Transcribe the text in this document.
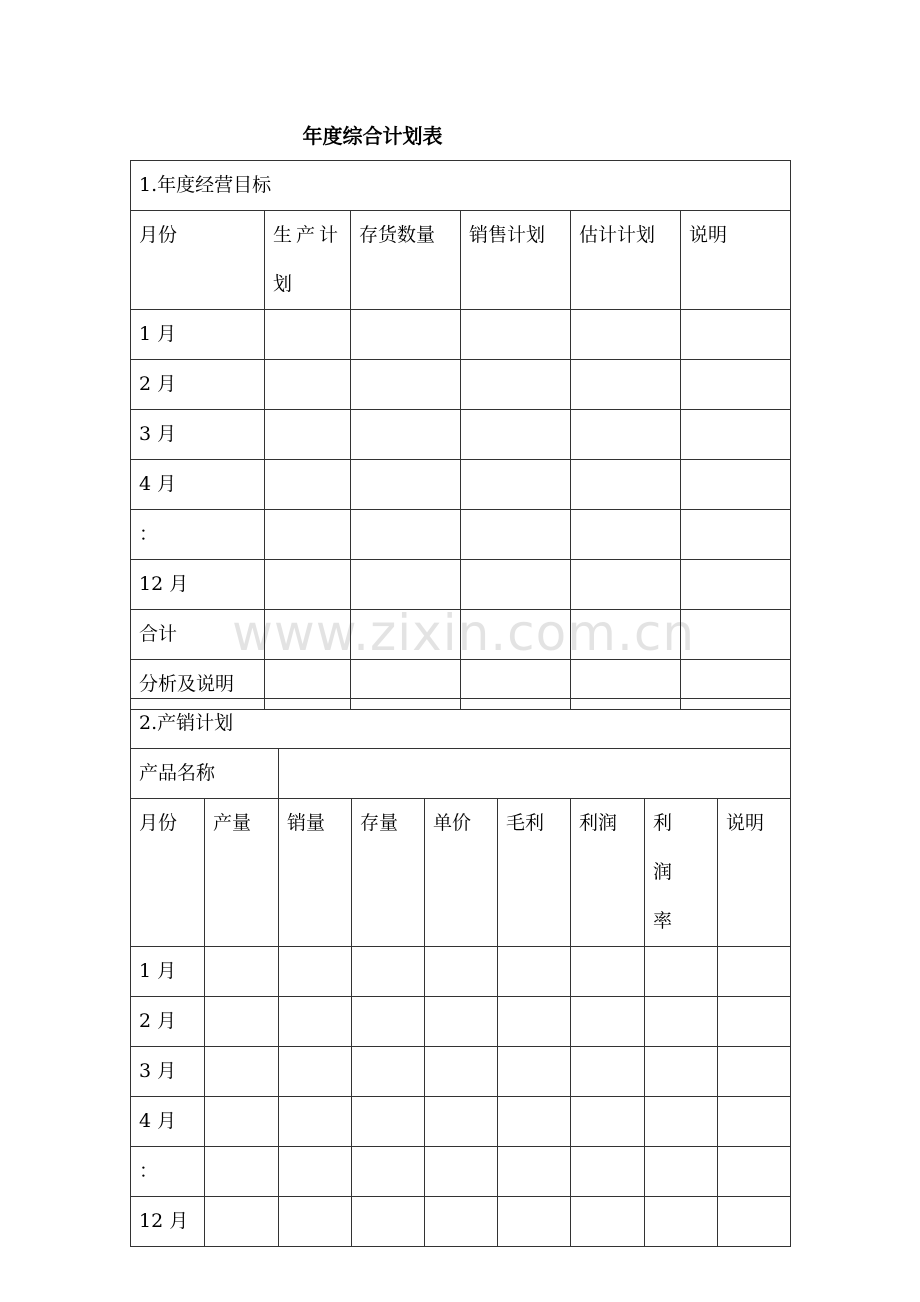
年度综合计划表
www.zixin.com.cn
1.年度经营目标					
月份	生产计划	存货数量	销售计划	估计计划	说明
1 月					
2 月					
3 月					
4 月					
：					
12 月					
合计					
分析及说明					
2.产销计划								
产品名称								
月份	产量	销量	存量	单价	毛利	利润	利 润率	说明
1 月								
2 月								
3 月								
4 月								
：								
12 月								
